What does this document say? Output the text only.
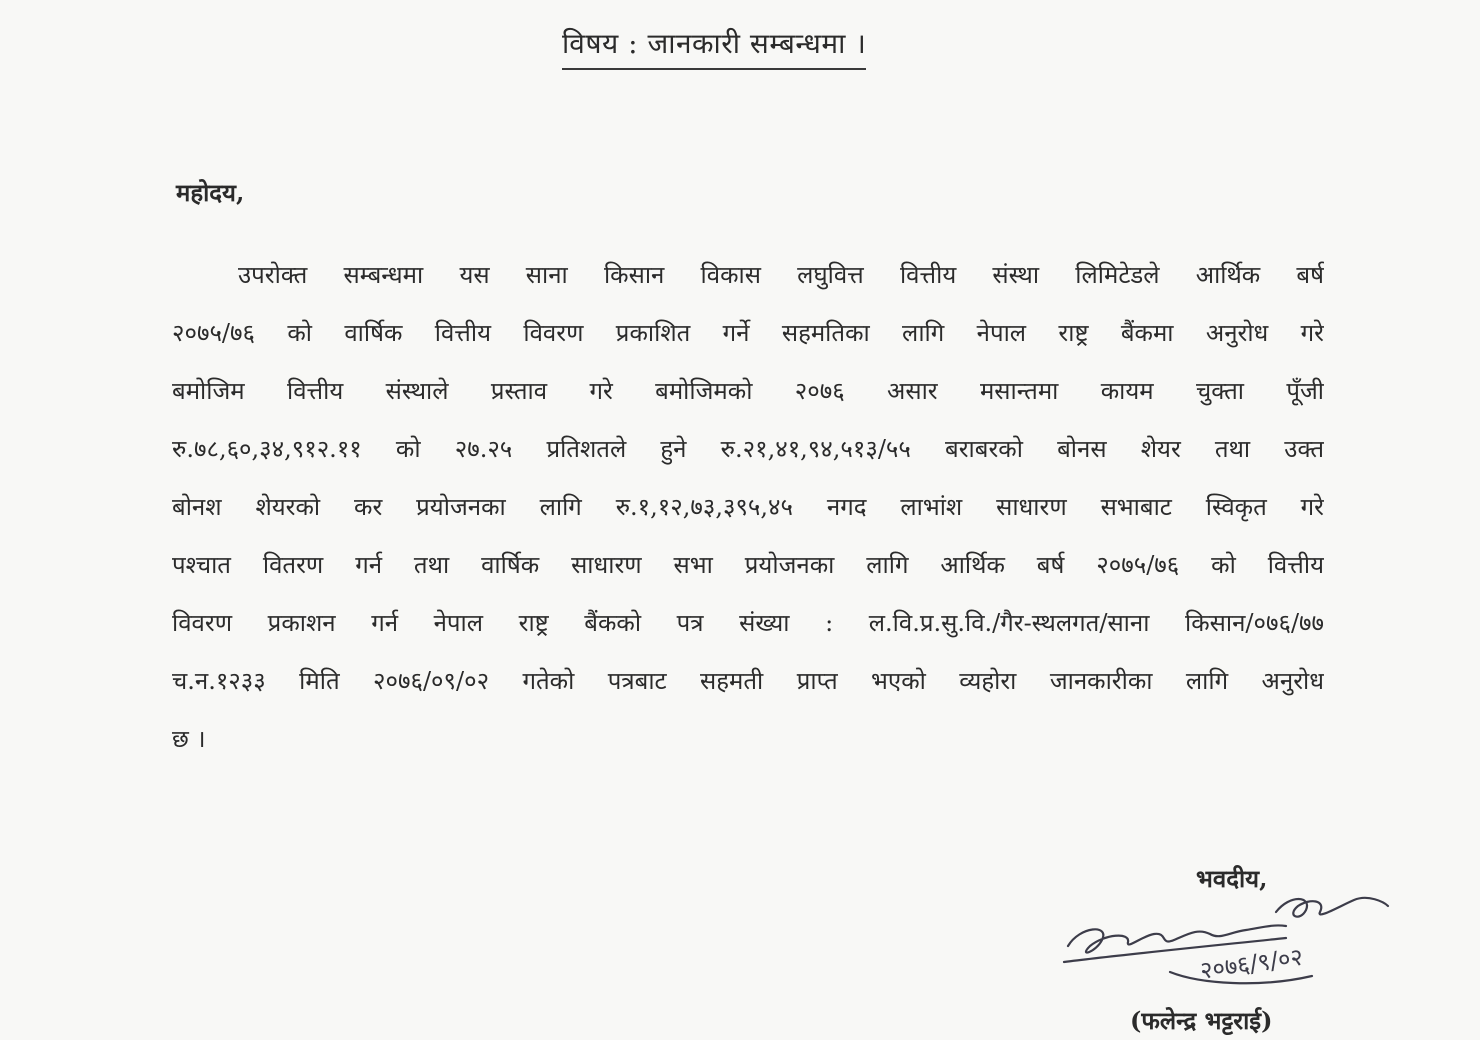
विषय : जानकारी सम्बन्धमा ।
महोदय,
उपरोक्त सम्बन्धमा यस साना किसान विकास लघुवित्त वित्तीय संस्था लिमिटेडले आर्थिक बर्ष
२०७५/७६ को वार्षिक वित्तीय विवरण प्रकाशित गर्ने सहमतिका लागि नेपाल राष्ट्र बैंकमा अनुरोध गरे
बमोजिम वित्तीय संस्थाले प्रस्ताव गरे बमोजिमको २०७६ असार मसान्तमा कायम चुक्ता पूँजी
रु.७८,६०,३४,९१२.११ को २७.२५ प्रतिशतले हुने रु.२१,४१,९४,५१३/५५ बराबरको बोनस शेयर तथा उक्त
बोनश शेयरको कर प्रयोजनका लागि रु.१,१२,७३,३९५,४५ नगद लाभांश साधारण सभाबाट स्विकृत गरे
पश्चात वितरण गर्न तथा वार्षिक साधारण सभा प्रयोजनका लागि आर्थिक बर्ष २०७५/७६ को वित्तीय
विवरण प्रकाशन गर्न नेपाल राष्ट्र बैंकको पत्र संख्या : ल.वि.प्र.सु.वि./गैर-स्थलगत/साना किसान/०७६/७७
च.न.१२३३ मिति २०७६/०९/०२ गतेको पत्रबाट सहमती प्राप्त भएको व्यहोरा जानकारीका लागि अनुरोध
छ ।
भवदीय,
२०७६/९/०२
(फलेन्द्र भट्टराई)
